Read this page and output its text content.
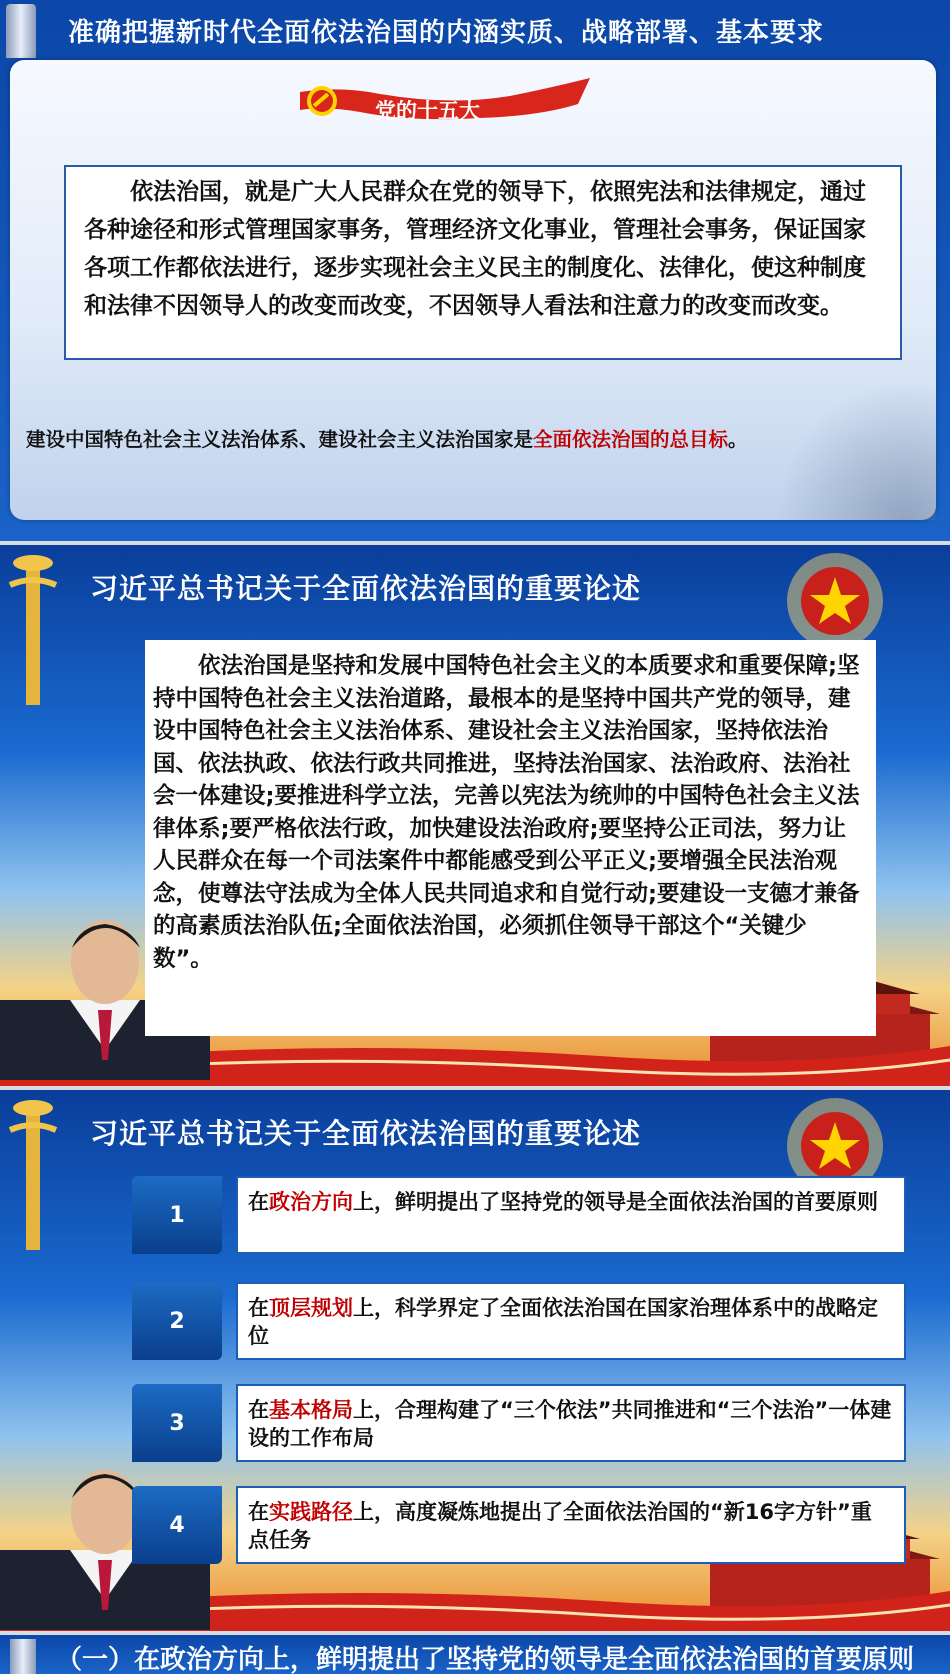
准确把握新时代全面依法治国的内涵实质、战略部署、基本要求
党的十五大

依法治国，就是广大人民群众在党的领导下，依照宪法和法律规定，通过各种途径和形式管理国家事务，管理经济文化事业，管理社会事务，保证国家各项工作都依法进行，逐步实现社会主义民主的制度化、法律化，使这种制度和法律不因领导人的改变而改变，不因领导人看法和注意力的改变而改变。

建设中国特色社会主义法治体系、建设社会主义法治国家是全面依法治国的总目标。
习近平总书记关于全面依法治国的重要论述

依法治国是坚持和发展中国特色社会主义的本质要求和重要保障;坚持中国特色社会主义法治道路，最根本的是坚持中国共产党的领导，建设中国特色社会主义法治体系、建设社会主义法治国家，坚持依法治国、依法执政、依法行政共同推进，坚持法治国家、法治政府、法治社会一体建设;要推进科学立法，完善以宪法为统帅的中国特色社会主义法律体系;要严格依法行政，加快建设法治政府;要坚持公正司法，努力让人民群众在每一个司法案件中都能感受到公平正义;要增强全民法治观念，使尊法守法成为全体人民共同追求和自觉行动;要建设一支德才兼备的高素质法治队伍;全面依法治国，必须抓住领导干部这个“关键少数”。

习近平总书记关于全面依法治国的重要论述
1
在政治方向上，鲜明提出了坚持党的领导是全面依法治国的首要原则
2
在顶层规划上，科学界定了全面依法治国在国家治理体系中的战略定位
3
在基本格局上，合理构建了“三个依法”共同推进和“三个法治”一体建设的工作布局
4
在实践路径上，高度凝炼地提出了全面依法治国的“新16字方针”重点任务
（一）在政治方向上，鲜明提出了坚持党的领导是全面依法治国的首要原则
